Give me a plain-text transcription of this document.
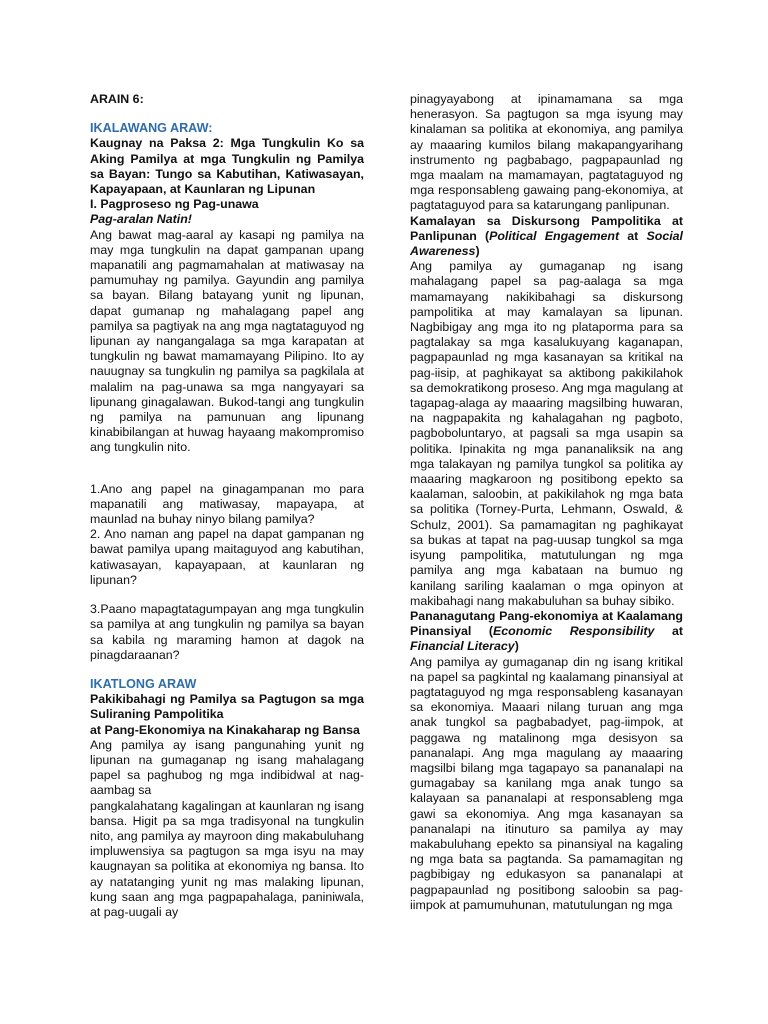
ARAIN 6:

IKALAWANG ARAW:

Kaugnay na Paksa 2: Mga Tungkulin Ko sa Aking Pamilya at mga Tungkulin ng Pamilya sa Bayan: Tungo sa Kabutihan, Katiwasayan, Kapayapaan, at Kaunlaran ng Lipunan

I. Pagproseso ng Pag-unawa

Pag-aralan Natin!

Ang bawat mag-aaral ay kasapi ng pamilya na may mga tungkulin na dapat gampanan upang mapanatili ang pagmamahalan at matiwasay na pamumuhay ng pamilya. Gayundin ang pamilya sa bayan. Bilang batayang yunit ng lipunan, dapat gumanap ng mahalagang papel ang pamilya sa pagtiyak na ang mga nagtataguyod ng lipunan ay nangangalaga sa mga karapatan at tungkulin ng bawat mamamayang Pilipino. Ito ay nauugnay sa tungkulin ng pamilya sa pagkilala at malalim na pag-unawa sa mga nangyayari sa lipunang ginagalawan. Bukod-tangi ang tungkulin ng pamilya na pamunuan ang lipunang kinabibilangan at huwag hayaang makompromiso ang tungkulin nito.

1.Ano ang papel na ginagampanan mo para mapanatili ang matiwasay, mapayapa, at maunlad na buhay ninyo bilang pamilya?

2. Ano naman ang papel na dapat gampanan ng bawat pamilya upang maitaguyod ang kabutihan, katiwasayan, kapayapaan, at kaunlaran ng lipunan?

3.Paano mapagtatagumpayan ang mga tungkulin sa pamilya at ang tungkulin ng pamilya sa bayan sa kabila ng maraming hamon at dagok na pinagdaraanan?

IKATLONG ARAW

Pakikibahagi ng Pamilya sa Pagtugon sa mga Suliraning Pampolitika

at Pang-Ekonomiya na Kinakaharap ng Bansa

Ang pamilya ay isang pangunahing yunit ng lipunan na gumaganap ng isang mahalagang papel sa paghubog ng mga indibidwal at nag-aambag sa

pangkalahatang kagalingan at kaunlaran ng isang bansa. Higit pa sa mga tradisyonal na tungkulin nito, ang pamilya ay mayroon ding makabuluhang impluwensiya sa pagtugon sa mga isyu na may kaugnayan sa politika at ekonomiya ng bansa. Ito ay natatanging yunit ng mas malaking lipunan, kung saan ang mga pagpapahalaga, paniniwala, at pag-uugali ay

pinagyayabong at ipinamamana sa mga henerasyon. Sa pagtugon sa mga isyung may kinalaman sa politika at ekonomiya, ang pamilya ay maaaring kumilos bilang makapangyarihang instrumento ng pagbabago, pagpapaunlad ng mga maalam na mamamayan, pagtataguyod ng mga responsableng gawaing pang-ekonomiya, at pagtataguyod para sa katarungang panlipunan.

Kamalayan sa Diskursong Pampolitika at Panlipunan (Political Engagement at Social Awareness)

Ang pamilya ay gumaganap ng isang mahalagang papel sa pag-aalaga sa mga mamamayang nakikibahagi sa diskursong pampolitika at may kamalayan sa lipunan. Nagbibigay ang mga ito ng plataporma para sa pagtalakay sa mga kasalukuyang kaganapan, pagpapaunlad ng mga kasanayan sa kritikal na pag-iisip, at paghikayat sa aktibong pakikilahok sa demokratikong proseso. Ang mga magulang at tagapag-alaga ay maaaring magsilbing huwaran, na nagpapakita ng kahalagahan ng pagboto, pagboboluntaryo, at pagsali sa mga usapin sa politika. Ipinakita ng mga pananaliksik na ang mga talakayan ng pamilya tungkol sa politika ay maaaring magkaroon ng positibong epekto sa kaalaman, saloobin, at pakikilahok ng mga bata sa politika (Torney-Purta, Lehmann, Oswald, & Schulz, 2001). Sa pamamagitan ng paghikayat sa bukas at tapat na pag-uusap tungkol sa mga isyung pampolitika, matutulungan ng mga pamilya ang mga kabataan na bumuo ng kanilang sariling kaalaman o mga opinyon at makibahagi nang makabuluhan sa buhay sibiko.

Pananagutang Pang-ekonomiya at Kaalamang Pinansiyal (Economic Responsibility at Financial Literacy)

Ang pamilya ay gumaganap din ng isang kritikal na papel sa pagkintal ng kaalamang pinansiyal at pagtataguyod ng mga responsableng kasanayan sa ekonomiya. Maaari nilang turuan ang mga anak tungkol sa pagbabadyet, pag-iimpok, at paggawa ng matalinong mga desisyon sa pananalapi. Ang mga magulang ay maaaring magsilbi bilang mga tagapayo sa pananalapi na gumagabay sa kanilang mga anak tungo sa kalayaan sa pananalapi at responsableng mga gawi sa ekonomiya. Ang mga kasanayan sa pananalapi na itinuturo sa pamilya ay may makabuluhang epekto sa pinansiyal na kagaling ng mga bata sa pagtanda. Sa pamamagitan ng pagbibigay ng edukasyon sa pananalapi at pagpapaunlad ng positibong saloobin sa pag-iimpok at pamumuhunan, matutulungan ng mga
